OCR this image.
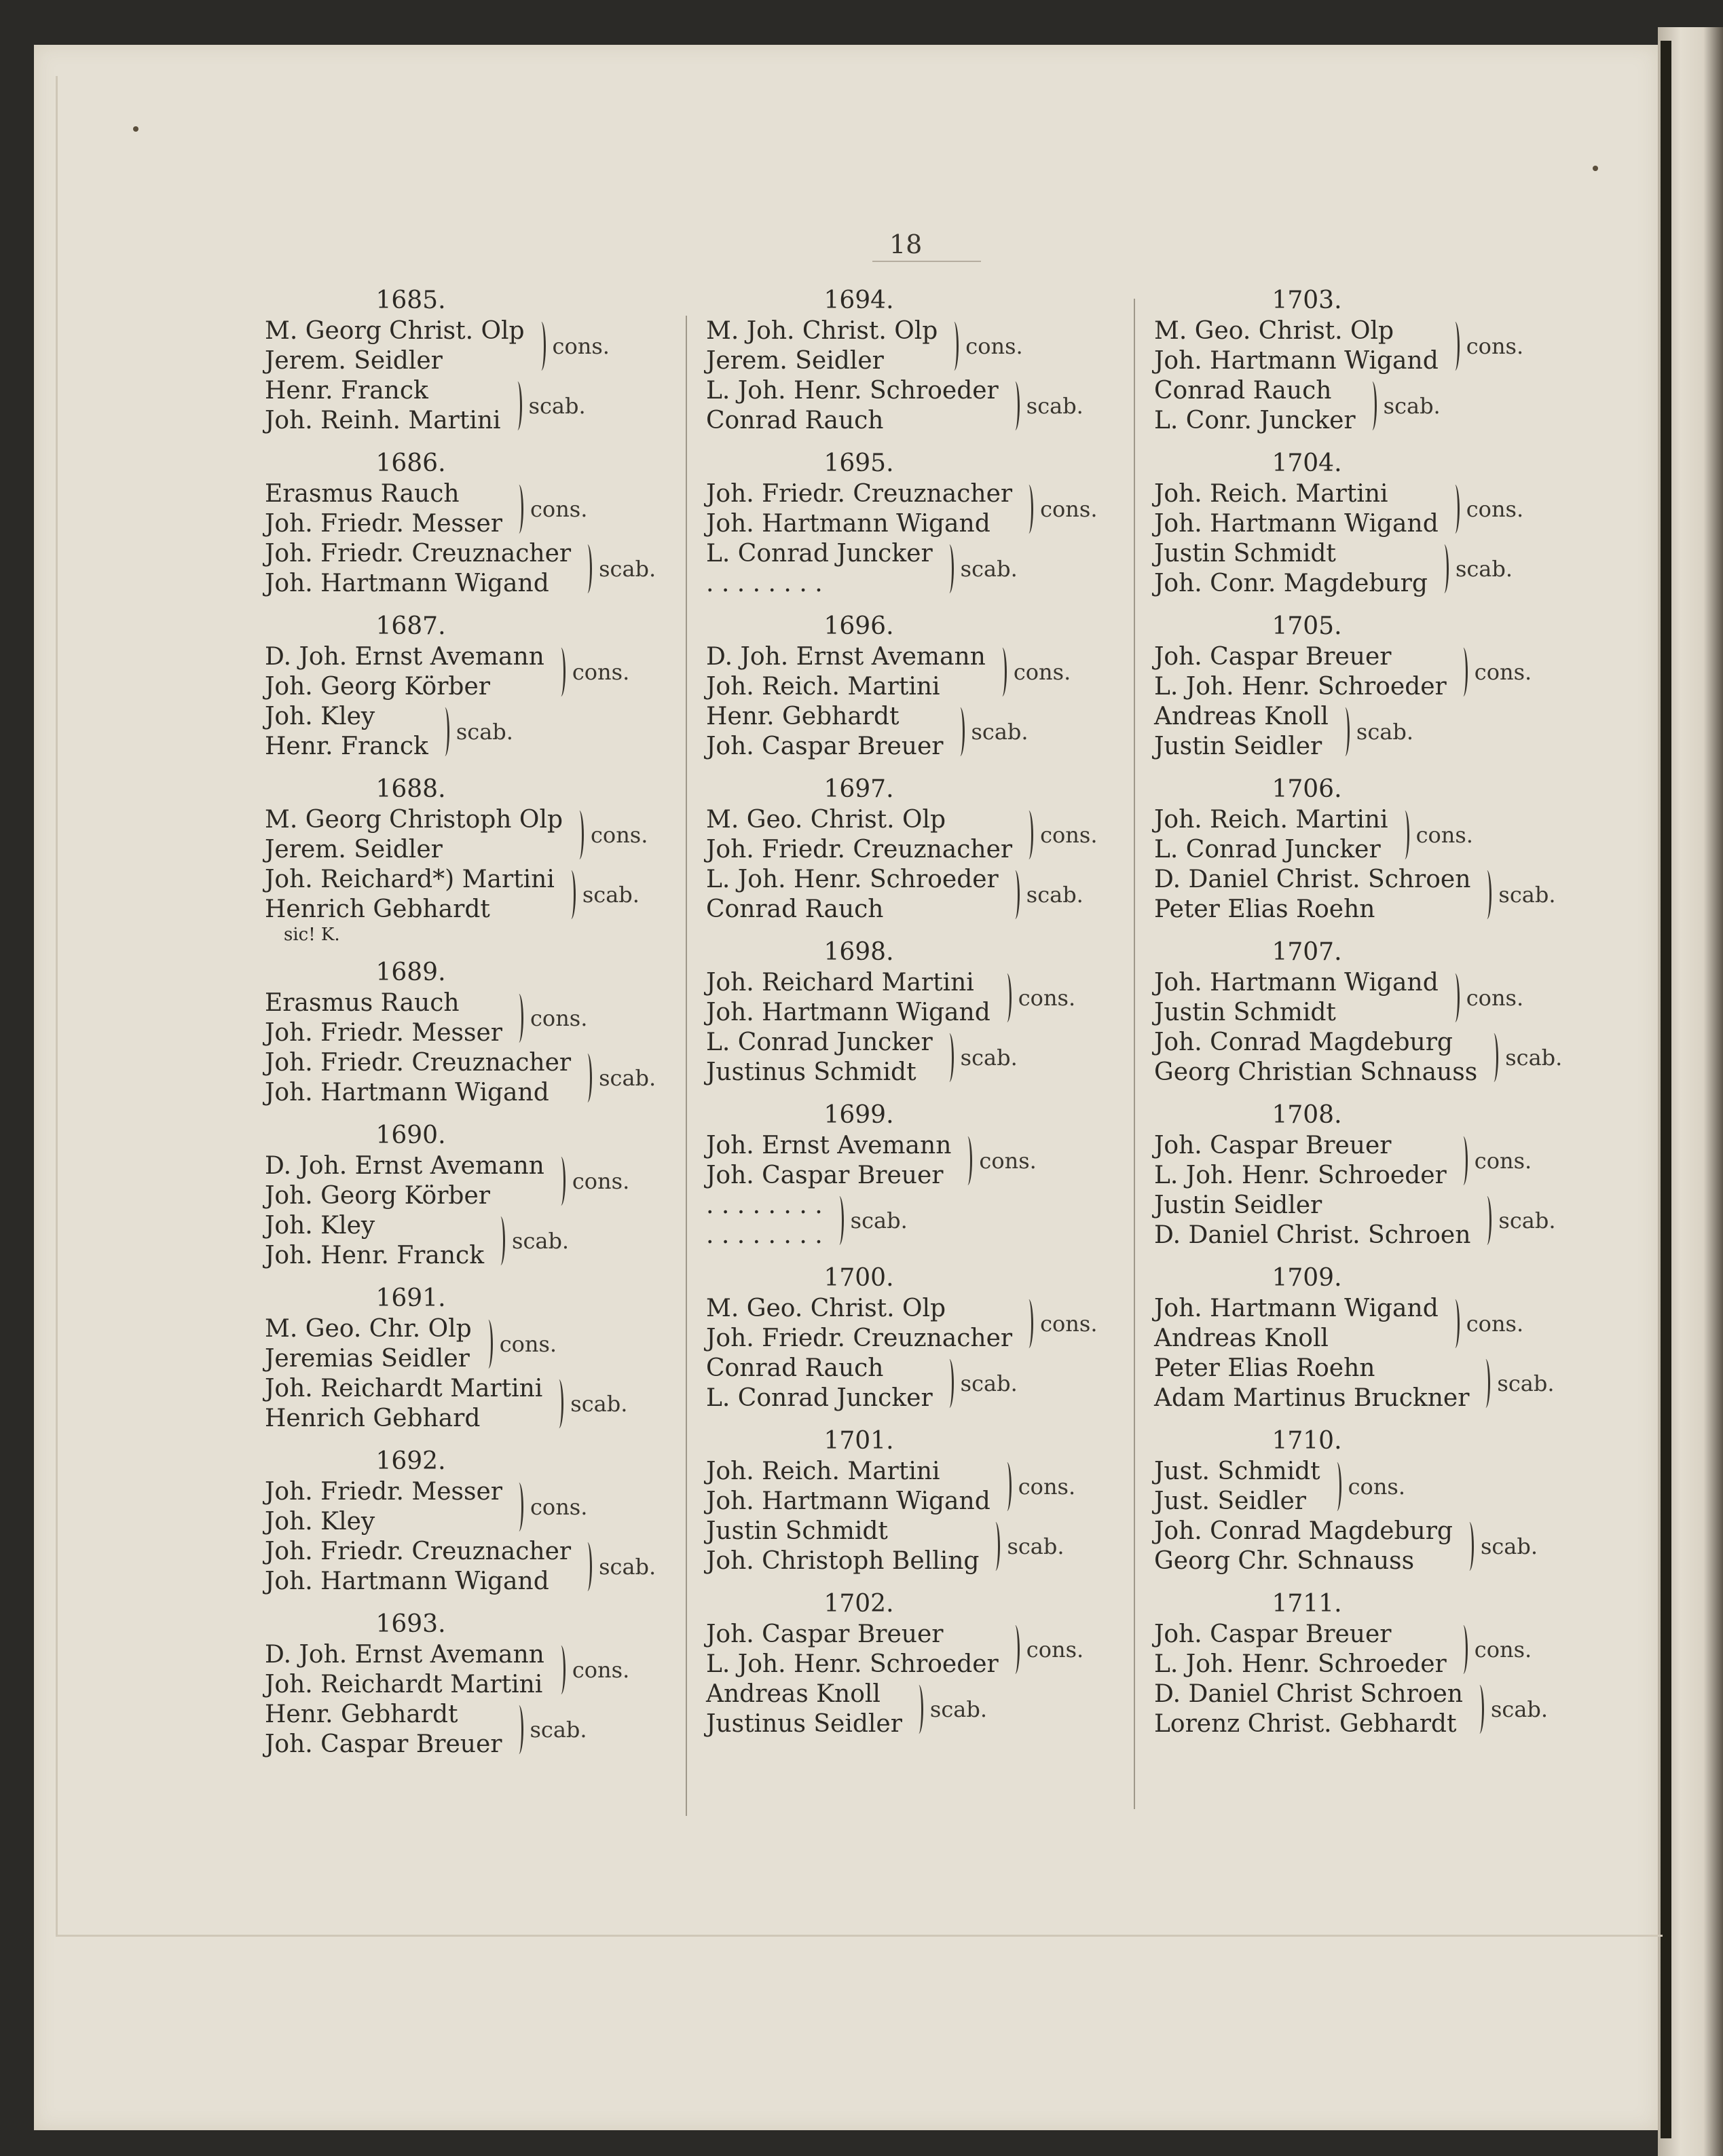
18
1685.
M. Georg Christ. Olp
Jerem. Seidler
cons.
Henr. Franck
Joh. Reinh. Martini
scab.
1686.
Erasmus Rauch
Joh. Friedr. Messer
cons.
Joh. Friedr. Creuznacher
Joh. Hartmann Wigand
scab.
1687.
D. Joh. Ernst Avemann
Joh. Georg Körber
cons.
Joh. Kley
Henr. Franck
scab.
1688.
M. Georg Christoph Olp
Jerem. Seidler
cons.
Joh. Reichard*) Martini
Henrich Gebhardt
scab.
sic! K.
1689.
Erasmus Rauch
Joh. Friedr. Messer
cons.
Joh. Friedr. Creuznacher
Joh. Hartmann Wigand
scab.
1690.
D. Joh. Ernst Avemann
Joh. Georg Körber
cons.
Joh. Kley
Joh. Henr. Franck
scab.
1691.
M. Geo. Chr. Olp
Jeremias Seidler
cons.
Joh. Reichardt Martini
Henrich Gebhard
scab.
1692.
Joh. Friedr. Messer
Joh. Kley
cons.
Joh. Friedr. Creuznacher
Joh. Hartmann Wigand
scab.
1693.
D. Joh. Ernst Avemann
Joh. Reichardt Martini
cons.
Henr. Gebhardt
Joh. Caspar Breuer
scab.
1694.
M. Joh. Christ. Olp
Jerem. Seidler
cons.
L. Joh. Henr. Schroeder
Conrad Rauch
scab.
1695.
Joh. Friedr. Creuznacher
Joh. Hartmann Wigand
cons.
L. Conrad Juncker
. . . . . . . .
scab.
1696.
D. Joh. Ernst Avemann
Joh. Reich. Martini
cons.
Henr. Gebhardt
Joh. Caspar Breuer
scab.
1697.
M. Geo. Christ. Olp
Joh. Friedr. Creuznacher
cons.
L. Joh. Henr. Schroeder
Conrad Rauch
scab.
1698.
Joh. Reichard Martini
Joh. Hartmann Wigand
cons.
L. Conrad Juncker
Justinus Schmidt
scab.
1699.
Joh. Ernst Avemann
Joh. Caspar Breuer
cons.
. . . . . . . .
. . . . . . . .
scab.
1700.
M. Geo. Christ. Olp
Joh. Friedr. Creuznacher
cons.
Conrad Rauch
L. Conrad Juncker
scab.
1701.
Joh. Reich. Martini
Joh. Hartmann Wigand
cons.
Justin Schmidt
Joh. Christoph Belling
scab.
1702.
Joh. Caspar Breuer
L. Joh. Henr. Schroeder
cons.
Andreas Knoll
Justinus Seidler
scab.
1703.
M. Geo. Christ. Olp
Joh. Hartmann Wigand
cons.
Conrad Rauch
L. Conr. Juncker
scab.
1704.
Joh. Reich. Martini
Joh. Hartmann Wigand
cons.
Justin Schmidt
Joh. Conr. Magdeburg
scab.
1705.
Joh. Caspar Breuer
L. Joh. Henr. Schroeder
cons.
Andreas Knoll
Justin Seidler
scab.
1706.
Joh. Reich. Martini
L. Conrad Juncker
cons.
D. Daniel Christ. Schroen
Peter Elias Roehn
scab.
1707.
Joh. Hartmann Wigand
Justin Schmidt
cons.
Joh. Conrad Magdeburg
Georg Christian Schnauss
scab.
1708.
Joh. Caspar Breuer
L. Joh. Henr. Schroeder
cons.
Justin Seidler
D. Daniel Christ. Schroen
scab.
1709.
Joh. Hartmann Wigand
Andreas Knoll
cons.
Peter Elias Roehn
Adam Martinus Bruckner
scab.
1710.
Just. Schmidt
Just. Seidler
cons.
Joh. Conrad Magdeburg
Georg Chr. Schnauss
scab.
1711.
Joh. Caspar Breuer
L. Joh. Henr. Schroeder
cons.
D. Daniel Christ Schroen
Lorenz Christ. Gebhardt
scab.
